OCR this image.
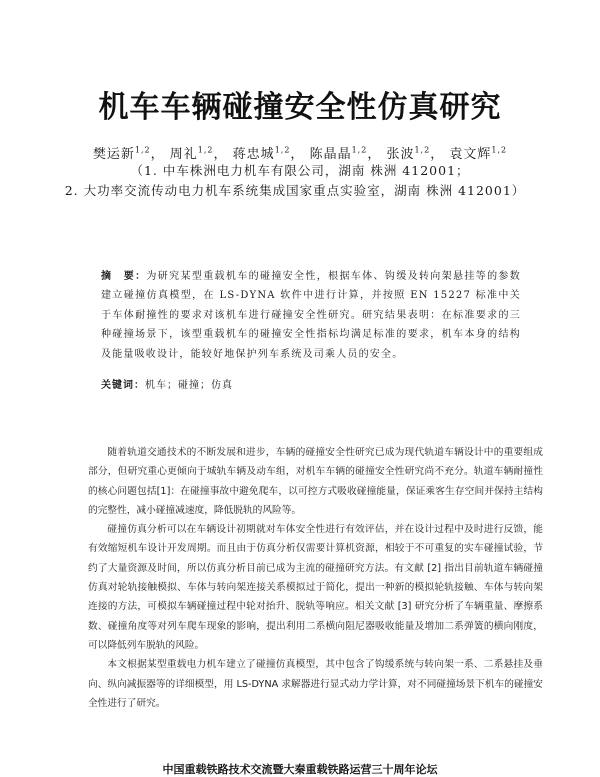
机车车辆碰撞安全性仿真研究
樊运新$^{1,2}$， 周礼$^{1,2}$， 蒋忠城$^{1,2}$， 陈晶晶$^{1,2}$， 张波$^{1,2}$， 袁文辉$^{1,2}$
（1. 中车株洲电力机车有限公司，湖南 株洲 412001；
2. 大功率交流传动电力机车系统集成国家重点实验室，湖南 株洲 412001）
摘　要：为研究某型重载机车的碰撞安全性，根据车体、钩缓及转向架悬挂等的参数建立碰撞仿真模型，在 LS-DYNA 软件中进行计算，并按照 EN 15227 标准中关于车体耐撞性的要求对该机车进行碰撞安全性研究。研究结果表明：在标准要求的三种碰撞场景下，该型重载机车的碰撞安全性指标均满足标准的要求，机车本身的结构及能量吸收设计，能较好地保护列车系统及司乘人员的安全。
关键词：机车；碰撞；仿真

随着轨道交通技术的不断发展和进步，车辆的碰撞安全性研究已成为现代轨道车辆设计中的重要组成部分，但研究重心更倾向于城轨车辆及动车组，对机车车辆的碰撞安全性研究尚不充分。轨道车辆耐撞性的核心问题包括[1]：在碰撞事故中避免爬车，以可控方式吸收碰撞能量，保证乘客生存空间并保持主结构的完整性，减小碰撞减速度，降低脱轨的风险等。

碰撞仿真分析可以在车辆设计初期就对车体安全性进行有效评估，并在设计过程中及时进行反馈，能有效缩短机车设计开发周期。而且由于仿真分析仅需要计算机资源，相较于不可重复的实车碰撞试验，节约了大量资源及时间，所以仿真分析目前已成为主流的碰撞研究方法。有文献 [2] 指出目前轨道车辆碰撞仿真对轮轨接触模拟、车体与转向架连接关系模拟过于简化，提出一种新的模拟轮轨接触、车体与转向架连接的方法，可模拟车辆碰撞过程中轮对抬升、脱轨等响应。相关文献 [3] 研究分析了车辆重量、摩擦系数、碰撞角度等对列车爬车现象的影响，提出利用二系横向阻尼器吸收能量及增加二系弹簧的横向刚度，可以降低列车脱轨的风险。

本文根据某型重载电力机车建立了碰撞仿真模型，其中包含了钩缓系统与转向架一系、二系悬挂及垂向、纵向减振器等的详细模型，用 LS-DYNA 求解器进行显式动力学计算，对不同碰撞场景下机车的碰撞安全性进行了研究。

中国重载铁路技术交流暨大秦重载铁路运营三十周年论坛
